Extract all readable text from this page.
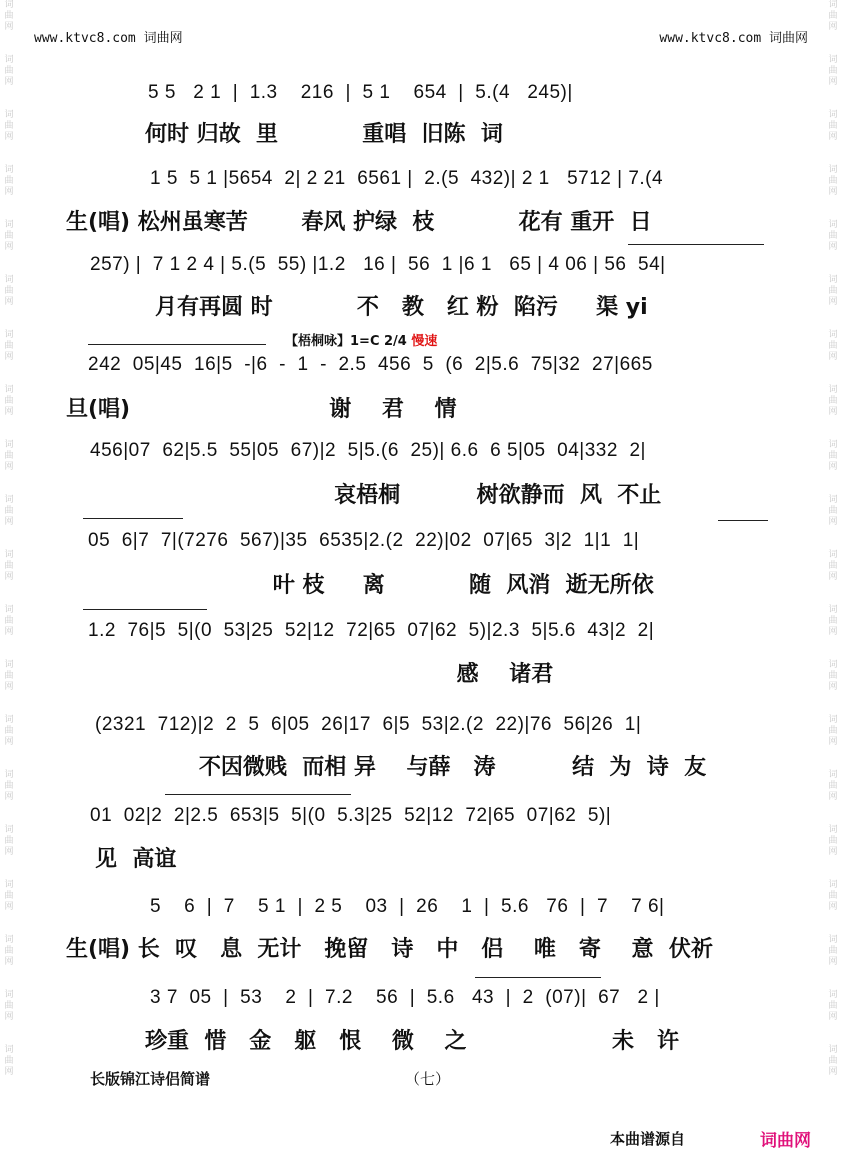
词曲网
词曲网
词曲网
词曲网
词曲网
词曲网
词曲网
词曲网
词曲网
词曲网
词曲网
词曲网
词曲网
词曲网
词曲网
词曲网
词曲网
词曲网
词曲网
词曲网
词曲网
词曲网
词曲网
词曲网
词曲网
词曲网
词曲网
词曲网
词曲网
词曲网
词曲网
词曲网
词曲网
词曲网
词曲网
词曲网
词曲网
词曲网
词曲网
词曲网
www.ktvc8.com 词曲网	www.ktvc8.com 词曲网
5 5   2 1  |  1.3    216  |  5 1    654  |  5.(4   245)|
何时 归故  里           重唱  旧陈  词
1 5  5 1 |5654  2| 2 21  6561 |  2.(5  432)| 2 1   5712 | 7.(4
生(唱) 松州虽寒苦       春风 护绿  枝           花有 重开  日
257) |  7 1 2 4 | 5.(5  55) |1.2   16 |  56  1 |6 1   65 | 4 06 | 56  54|
月有再圆 时           不   教   红 粉  陷污     渠 yi
【梧桐咏】1=C 2/4 慢速
242  05|45  16|5  -|6  -  1  -  2.5  456  5  (6  2|5.6  75|32  27|665
旦(唱)                          谢    君    情
456|07  62|5.5  55|05  67)|2  5|5.(6  25)| 6.6  6 5|05  04|332  2|
哀梧桐          树欲静而  风  不止
05  6|7  7|(7276  567)|35  6535|2.(2  22)|02  07|65  3|2  1|1  1|
叶 枝     离           随  风消  逝无所依
1.2  76|5  5|(0  53|25  52|12  72|65  07|62  5)|2.3  5|5.6  43|2  2|
感    诸君
(2321  712)|2  2  5  6|05  26|17  6|5  53|2.(2  22)|76  56|26  1|
不因微贱  而相 异    与薛   涛          结  为  诗  友
01  02|2  2|2.5  653|5  5|(0  5.3|25  52|12  72|65  07|62  5)|
见  高谊
5    6  |  7    5 1  |  2 5    03  |  26    1  |  5.6   76  |  7    7 6|
生(唱) 长  叹   息  无计   挽留   诗   中   侣    唯   寄    意  伏祈
3 7  05  |  53    2  |  7.2    56  |  5.6   43  |  2  (07)|  67   2 |
珍重  惜   金   躯   恨    微    之                   未   许
长版锦江诗侣简谱	（七）
本曲谱源自	词曲网
